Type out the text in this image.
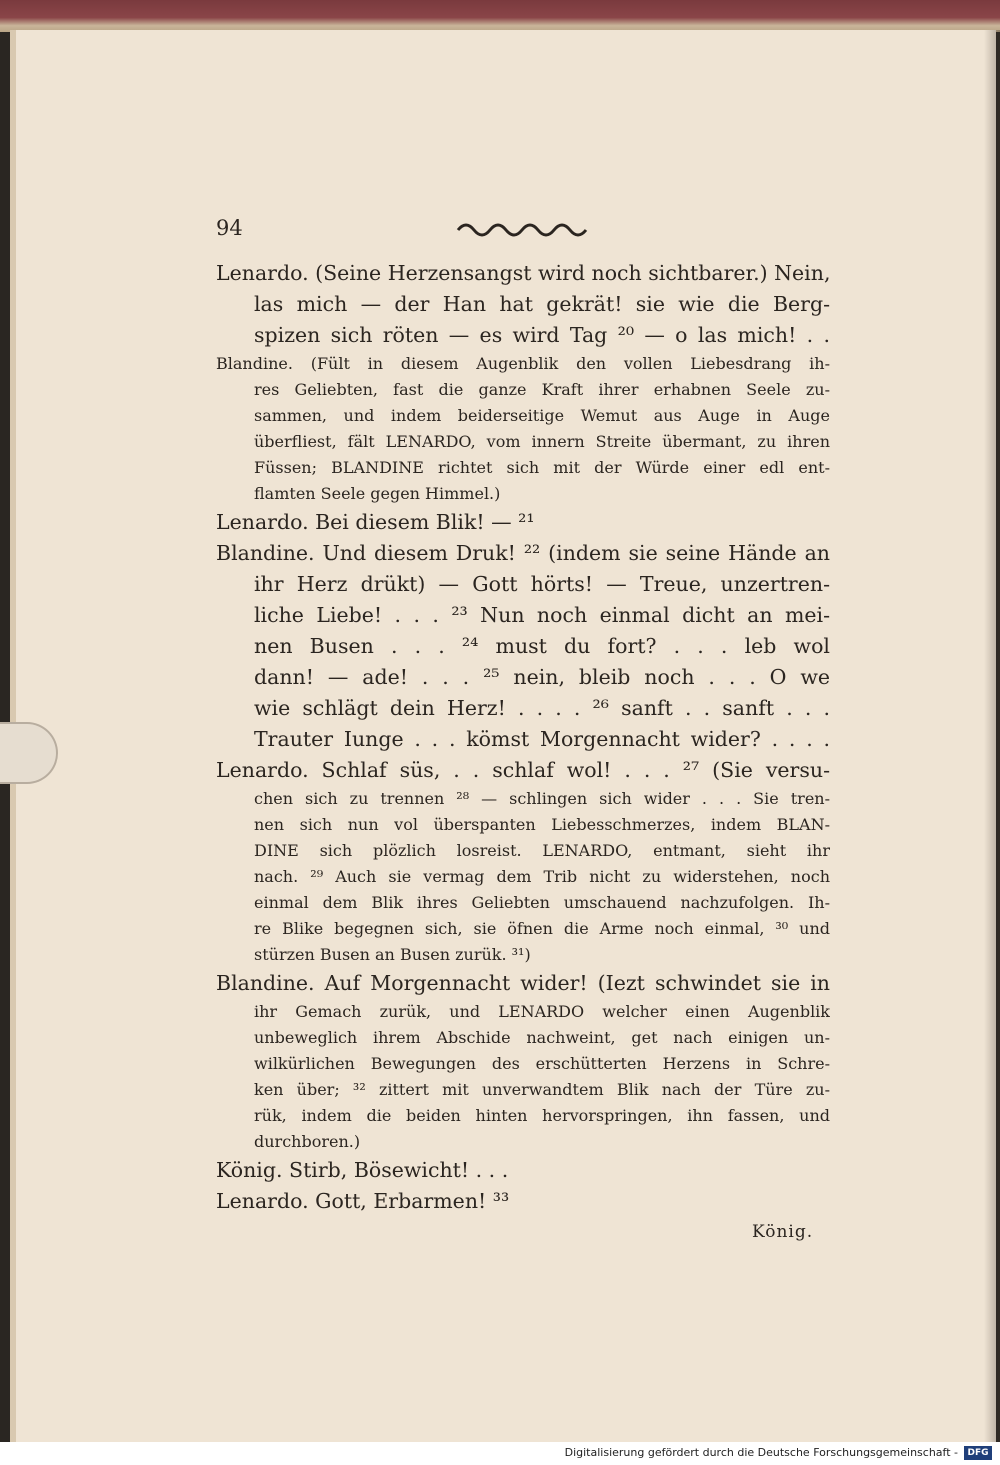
94
Lenardo. (Seine Herzensangst wird noch sichtbarer.) Nein,
las mich — der Han hat gekrät! sie wie die Berg-
spizen sich röten — es wird Tag ²⁰ — o las mich! . .
Blandine. (Fült in diesem Augenblik den vollen Liebesdrang ih-
res Geliebten, fast die ganze Kraft ihrer erhabnen Seele zu-
sammen, und indem beiderseitige Wemut aus Auge in Auge
überfliest, fält LENARDO, vom innern Streite übermant, zu ihren
Füssen; BLANDINE richtet sich mit der Würde einer edl ent-
flamten Seele gegen Himmel.)
Lenardo. Bei diesem Blik! — ²¹
Blandine. Und diesem Druk! ²² (indem sie seine Hände an
ihr Herz drükt) — Gott hörts! — Treue, unzertren-
liche Liebe! . . . ²³ Nun noch einmal dicht an mei-
nen Busen . . . ²⁴ must du fort? . . . leb wol
dann! — ade! . . . ²⁵ nein, bleib noch . . . O we
wie schlägt dein Herz! . . . . ²⁶ sanft . . sanft . . .
Trauter Iunge . . . kömst Morgennacht wider? . . . .
Lenardo. Schlaf süs, . . schlaf wol! . . . ²⁷ (Sie versu-
chen sich zu trennen ²⁸ — schlingen sich wider . . . Sie tren-
nen sich nun vol überspanten Liebesschmerzes, indem BLAN-
DINE sich plözlich losreist. LENARDO, entmant, sieht ihr
nach. ²⁹ Auch sie vermag dem Trib nicht zu widerstehen, noch
einmal dem Blik ihres Geliebten umschauend nachzufolgen. Ih-
re Blike begegnen sich, sie öfnen die Arme noch einmal, ³⁰ und
stürzen Busen an Busen zurük. ³¹)
Blandine. Auf Morgennacht wider! (Iezt schwindet sie in
ihr Gemach zurük, und LENARDO welcher einen Augenblik
unbeweglich ihrem Abschide nachweint, get nach einigen un-
wilkürlichen Bewegungen des erschütterten Herzens in Schre-
ken über; ³² zittert mit unverwandtem Blik nach der Türe zu-
rük, indem die beiden hinten hervorspringen, ihn fassen, und
durchboren.)
König. Stirb, Bösewicht! . . .
Lenardo. Gott, Erbarmen! ³³
König.
Digitalisierung gefördert durch die Deutsche Forschungsgemeinschaft -	DFG
